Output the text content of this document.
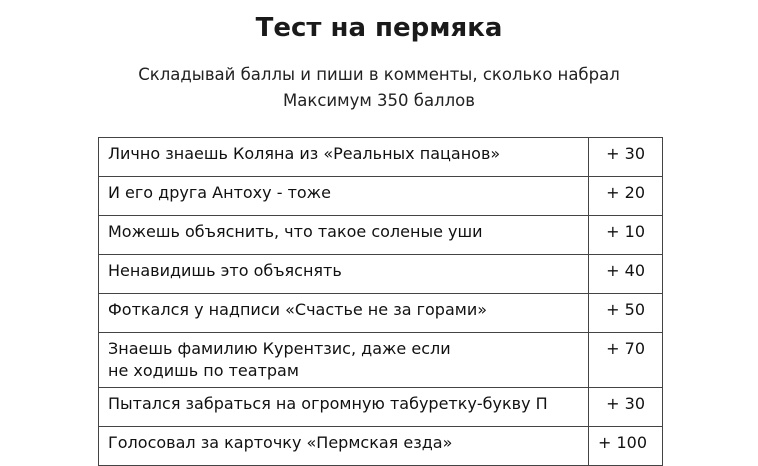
Тест на пермяка
Складывай баллы и пиши в комменты, сколько набрал
Максимум 350 баллов
Лично знаешь Коляна из «Реальных пацанов»	+ 30
И его друга Антоху - тоже	+ 20
Можешь объяснить, что такое соленые уши	+ 10
Ненавидишь это объяснять	+ 40
Фоткался у надписи «Счастье не за горами»	+ 50

Знаешь фамилию Курентзис, даже если
не ходишь по театрам	+ 70
Пытался забраться на огромную табуретку-букву П	+ 30
Голосовал за карточку «Пермская езда»	+ 100
